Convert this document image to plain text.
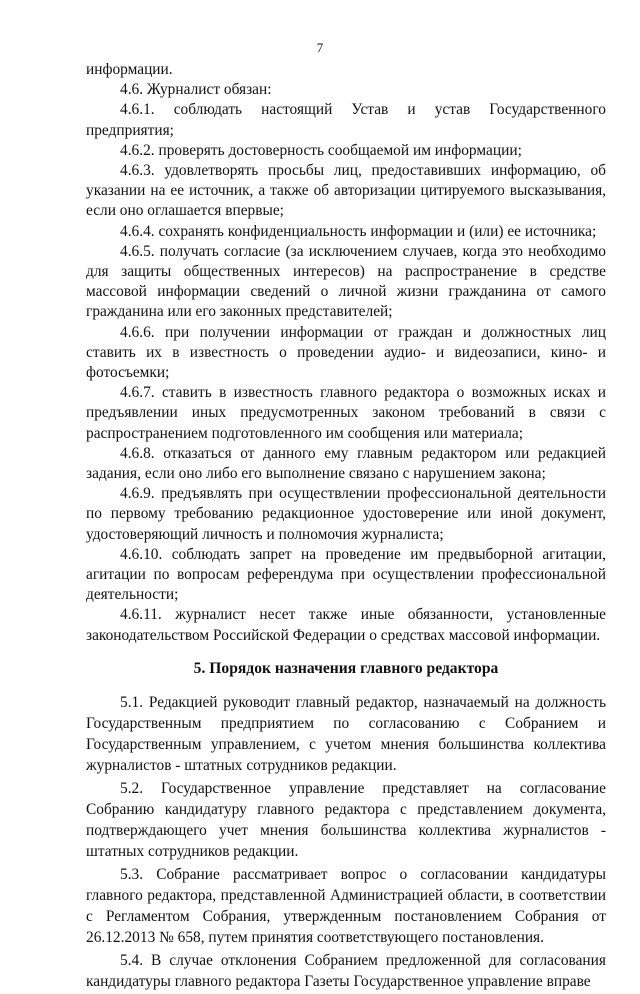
7

информации.

4.6. Журналист обязан:

4.6.1. соблюдать настоящий Устав и устав Государственного предприятия;

4.6.2. проверять достоверность сообщаемой им информации;

4.6.3. удовлетворять просьбы лиц, предоставивших информацию, об указании на ее источник, а также об авторизации цитируемого высказывания, если оно оглашается впервые;

4.6.4. сохранять конфиденциальность информации и (или) ее источника;

4.6.5. получать согласие (за исключением случаев, когда это необходимо для защиты общественных интересов) на распространение в средстве массовой информации сведений о личной жизни гражданина от самого гражданина или его законных представителей;

4.6.6. при получении информации от граждан и должностных лиц ставить их в известность о проведении аудио- и видеозаписи, кино- и фотосъемки;

4.6.7. ставить в известность главного редактора о возможных исках и предъявлении иных предусмотренных законом требований в связи с распространением подготовленного им сообщения или материала;

4.6.8. отказаться от данного ему главным редактором или редакцией задания, если оно либо его выполнение связано с нарушением закона;

4.6.9. предъявлять при осуществлении профессиональной деятельности по первому требованию редакционное удостоверение или иной документ, удостоверяющий личность и полномочия журналиста;

4.6.10. соблюдать запрет на проведение им предвыборной агитации, агитации по вопросам референдума при осуществлении профессиональной деятельности;

4.6.11. журналист несет также иные обязанности, установленные законодательством Российской Федерации о средствах массовой информации.

5. Порядок назначения главного редактора

5.1. Редакцией руководит главный редактор, назначаемый на должность Государственным предприятием по согласованию с Собранием и Государственным управлением, с учетом мнения большинства коллектива журналистов - штатных сотрудников редакции.

5.2. Государственное управление представляет на согласование Собранию кандидатуру главного редактора с представлением документа, подтверждающего учет мнения большинства коллектива журналистов - штатных сотрудников редакции.

5.3. Собрание рассматривает вопрос о согласовании кандидатуры главного редактора, представленной Администрацией области, в соответствии с Регламентом Собрания, утвержденным постановлением Собрания от 26.12.2013 № 658, путем принятия соответствующего постановления.

5.4. В случае отклонения Собранием предложенной для согласования кандидатуры главного редактора Газеты Государственное управление вправе
